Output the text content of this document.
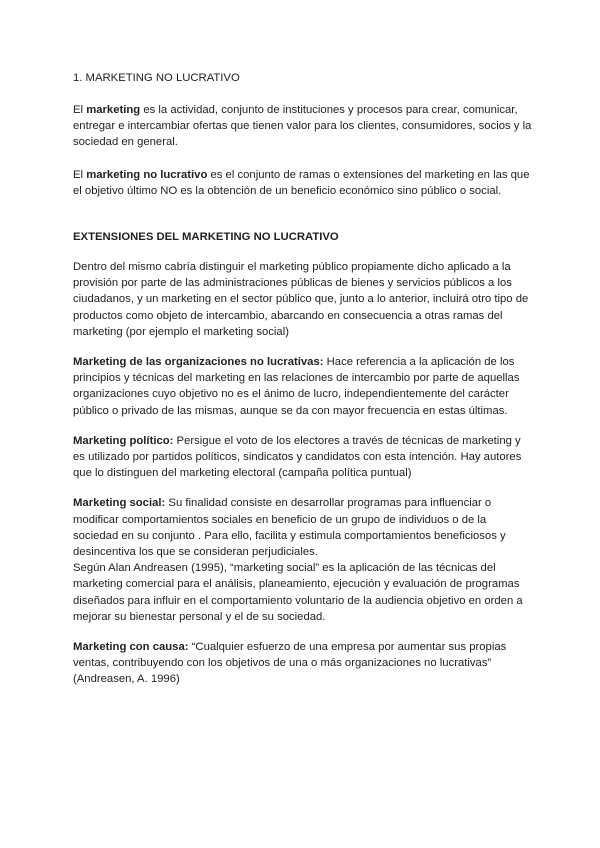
1. MARKETING NO LUCRATIVO

El marketing es la actividad, conjunto de instituciones y procesos para crear, comunicar, entregar e intercambiar ofertas que tienen valor para los clientes, consumidores, socios y la sociedad en general.

El marketing no lucrativo es el conjunto de ramas o extensiones del marketing en las que el objetivo último NO es la obtención de un beneficio económico sino público o social.

EXTENSIONES DEL MARKETING NO LUCRATIVO

Dentro del mismo cabría distinguir el marketing público propiamente dicho aplicado a la provisión por parte de las administraciones públicas de bienes y servicios públicos a los ciudadanos, y un marketing en el sector público que, junto a lo anterior, incluirá otro tipo de productos como objeto de intercambio, abarcando en consecuencia a otras ramas del marketing (por ejemplo el marketing social)

Marketing de las organizaciones no lucrativas: Hace referencia a la aplicación de los principios y técnicas del marketing en las relaciones de intercambio por parte de aquellas organizaciones cuyo objetivo no es el ánimo de lucro, independientemente del carácter público o privado de las mismas, aunque se da con mayor frecuencia en estas últimas.

Marketing político: Persigue el voto de los electores a través de técnicas de marketing y es utilizado por partidos políticos, sindicatos y candidatos con esta intención. Hay autores que lo distinguen del marketing electoral (campaña política puntual)

Marketing social: Su finalidad consiste en desarrollar programas para influenciar o modificar comportamientos sociales en beneficio de un grupo de individuos o de la sociedad en su conjunto . Para ello, facilita y estimula comportamientos beneficiosos y desincentiva los que se consideran perjudiciales.

Según Alan Andreasen (1995), “marketing social” es la aplicación de las técnicas del marketing comercial para el análisis, planeamiento, ejecución y evaluación de programas diseñados para influir en el comportamiento voluntario de la audiencia objetivo en orden a mejorar su bienestar personal y el de su sociedad.

Marketing con causa: “Cualquier esfuerzo de una empresa por aumentar sus propias ventas, contribuyendo con los objetivos de una o más organizaciones no lucrativas” (Andreasen, A. 1996)
